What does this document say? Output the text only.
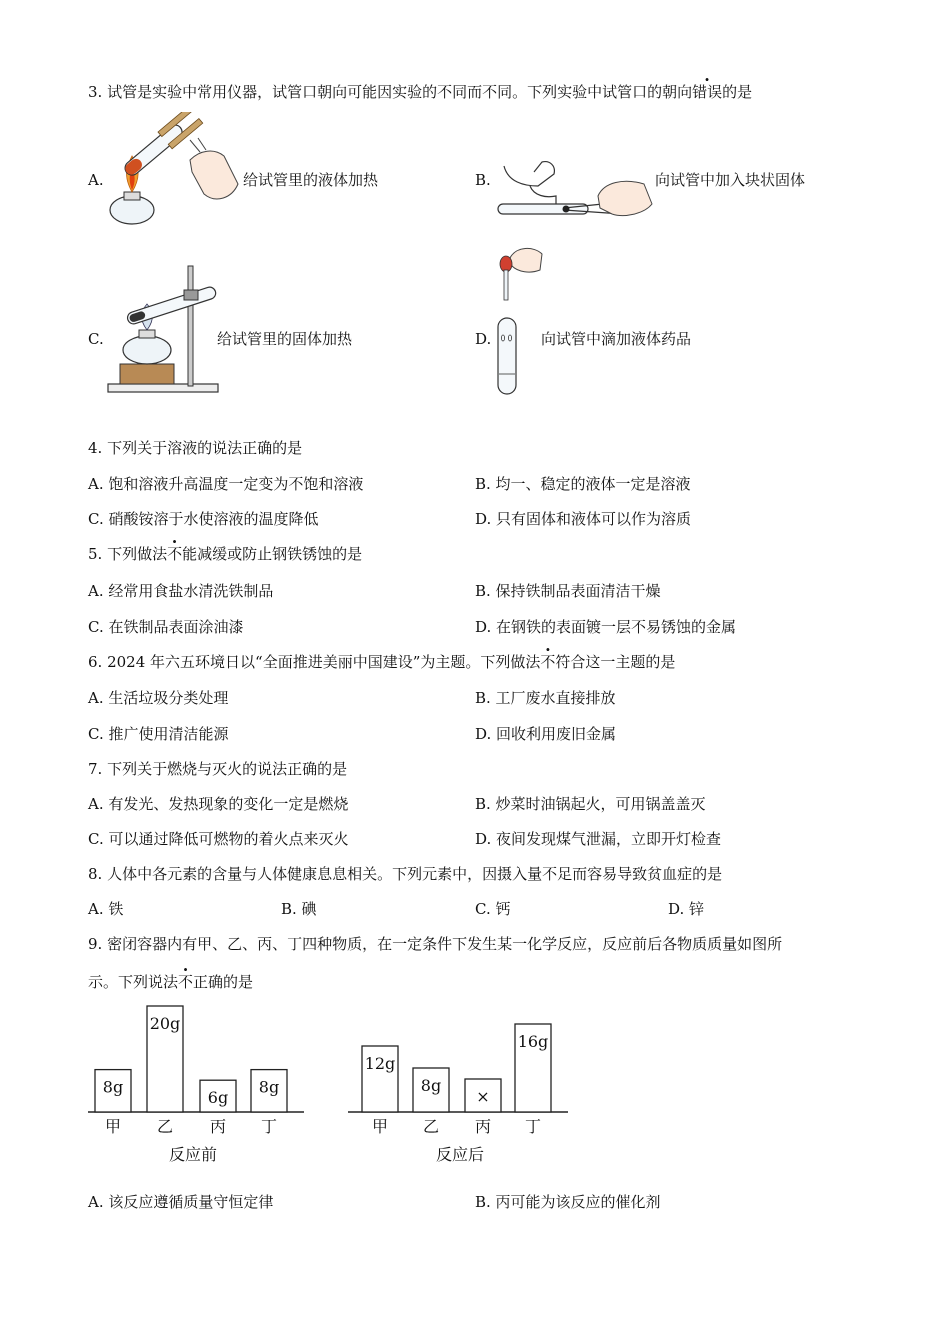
3. 试管是实验中常用仪器，试管口朝向可能因实验的不同而不同。下列实验中试管口的朝向错误的是
A.	给试管里的液体加热	B.	向试管中加入块状固体
C.	给试管里的固体加热	D.	向试管中滴加液体药品
4. 下列关于溶液的说法正确的是
A. 饱和溶液升高温度一定变为不饱和溶液	B. 均一、稳定的液体一定是溶液
C. 硝酸铵溶于水使溶液的温度降低	D. 只有固体和液体可以作为溶质
5. 下列做法不能减缓或防止钢铁锈蚀的是
A. 经常用食盐水清洗铁制品	B. 保持铁制品表面清洁干燥
C. 在铁制品表面涂油漆	D. 在钢铁的表面镀一层不易锈蚀的金属
6. 2024 年六五环境日以“全面推进美丽中国建设”为主题。下列做法不符合这一主题的是
A. 生活垃圾分类处理	B. 工厂废水直接排放
C. 推广使用清洁能源	D. 回收利用废旧金属
7. 下列关于燃烧与灭火的说法正确的是
A. 有发光、发热现象的变化一定是燃烧	B. 炒菜时油锅起火，可用锅盖盖灭
C. 可以通过降低可燃物的着火点来灭火	D. 夜间发现煤气泄漏，立即开灯检查
8. 人体中各元素的含量与人体健康息息相关。下列元素中，因摄入量不足而容易导致贫血症的是
A. 铁	B. 碘	C. 钙	D. 锌
9. 密闭容器内有甲、乙、丙、丁四种物质，在一定条件下发生某一化学反应，反应前后各物质质量如图所
示。下列说法不正确的是
8g
甲
20g
乙
6g
丙
8g
丁
反应前
12g
甲
8g
乙
×
丙
16g
丁
反应后
A. 该反应遵循质量守恒定律	B. 丙可能为该反应的催化剂
